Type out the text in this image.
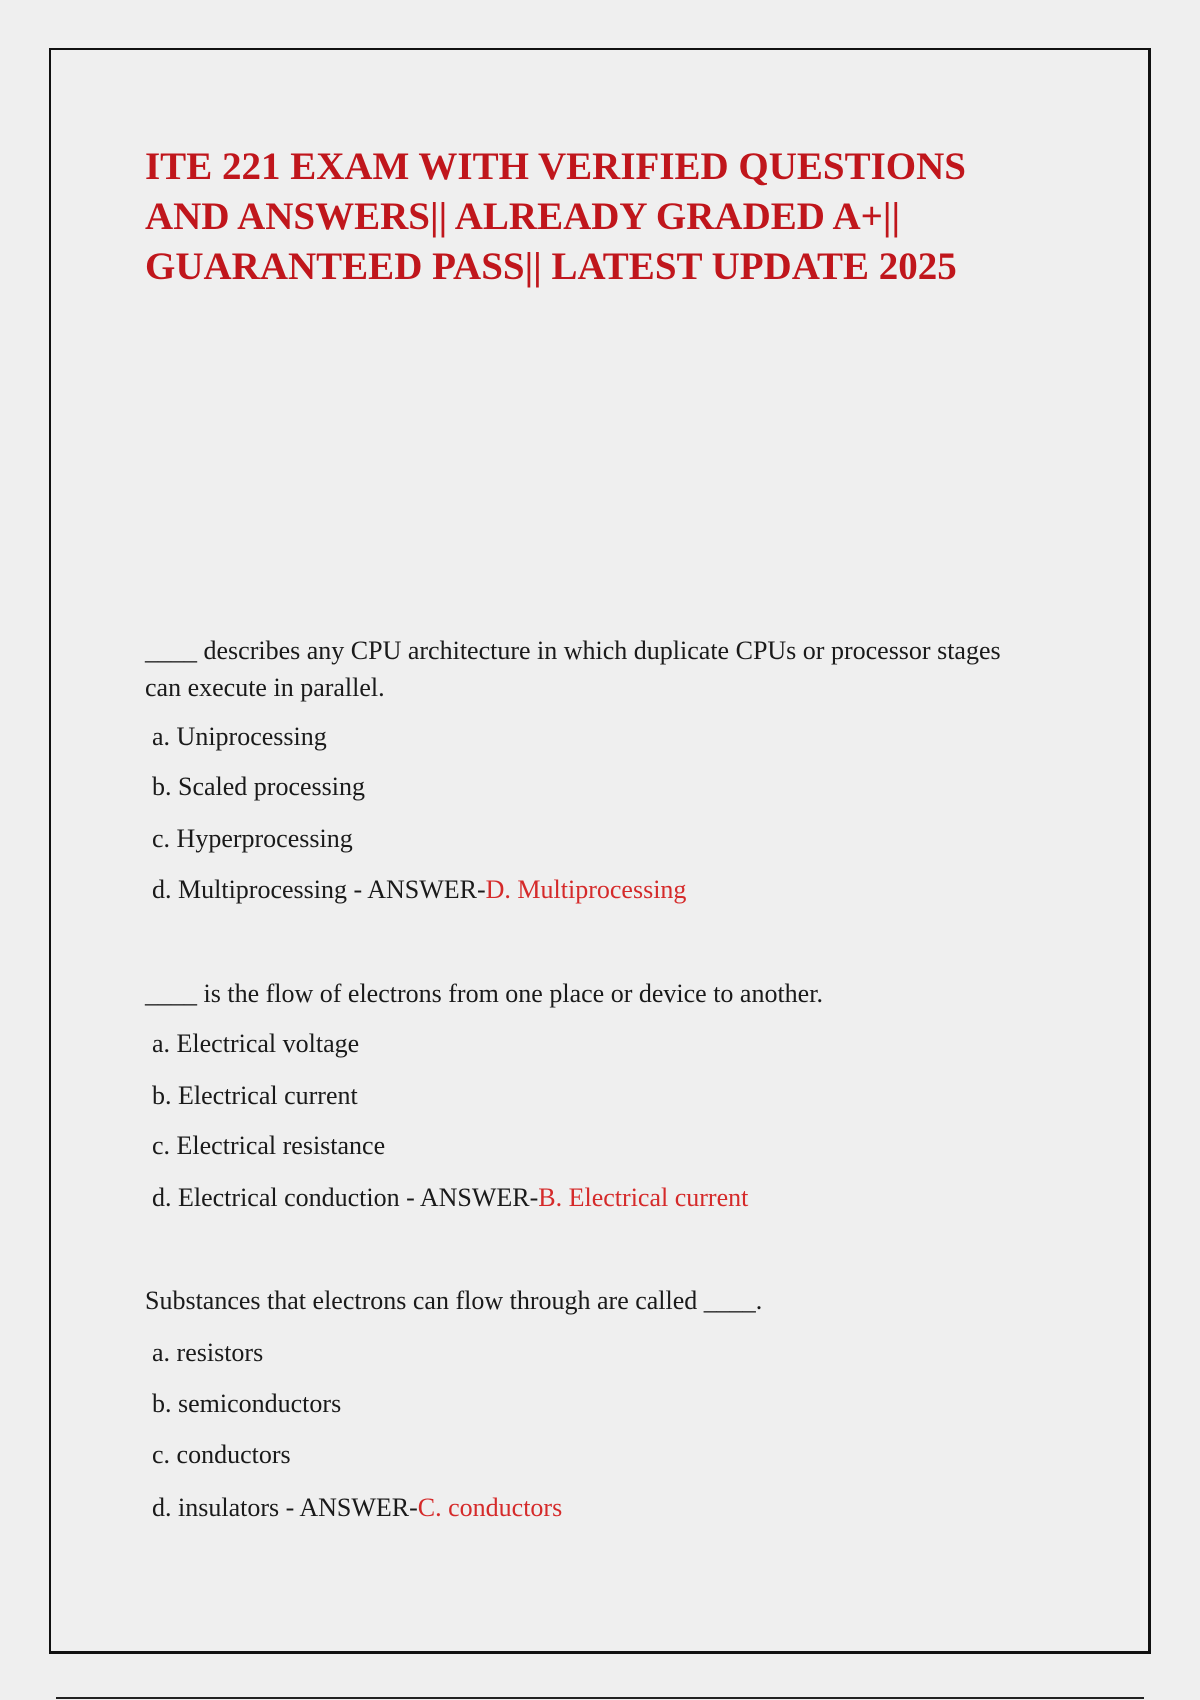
ITE 221 EXAM WITH VERIFIED QUESTIONS AND ANSWERS|| ALREADY GRADED A+|| GUARANTEED PASS|| LATEST UPDATE 2025

____ describes any CPU architecture in which duplicate CPUs or processor stages can execute in parallel.

a. Uniprocessing
b. Scaled processing
c. Hyperprocessing
d. Multiprocessing - ANSWER-D. Multiprocessing

____ is the flow of electrons from one place or device to another.

a. Electrical voltage
b. Electrical current
c. Electrical resistance
d. Electrical conduction - ANSWER-B. Electrical current

Substances that electrons can flow through are called ____.

a. resistors
b. semiconductors
c. conductors
d. insulators - ANSWER-C. conductors
